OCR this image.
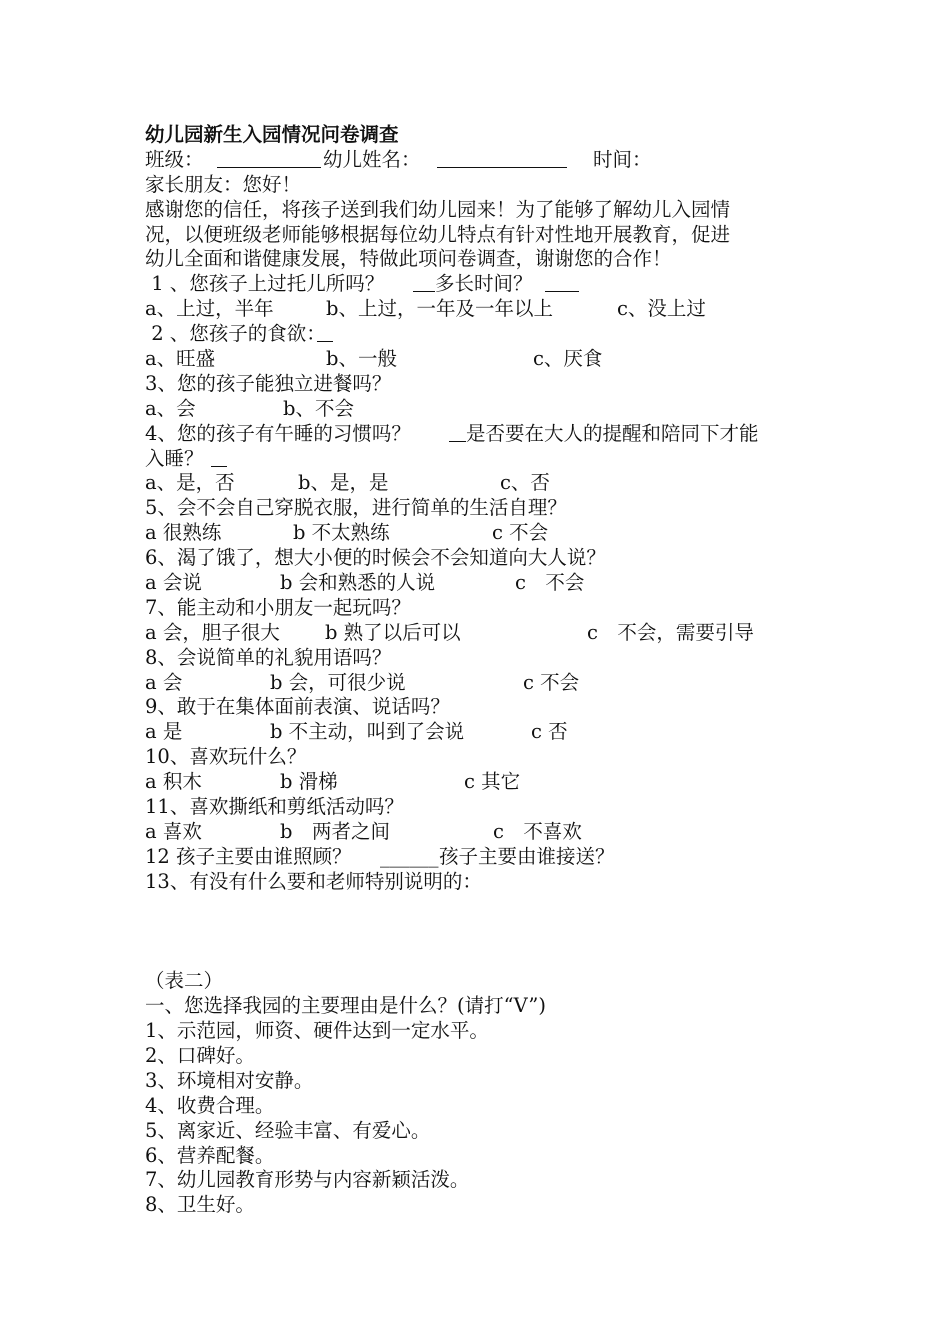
幼儿园新生入园情况问卷调查
班级：	幼儿姓名：	时间：
家长朋友：您好！
感谢您的信任，将孩子送到我们幼儿园来！为了能够了解幼儿入园情
况，以便班级老师能够根据每位幼儿特点有针对性地开展教育，促进
幼儿全面和谐健康发展，特做此项问卷调查，谢谢您的合作！
1 、您孩子上过托儿所吗？	多长时间？
a、上过，半年	b、上过，一年及一年以上	c、没上过
2 、您孩子的食欲：
a、旺盛	b、一般	c、厌食
3、您的孩子能独立进餐吗？
a、会	b、不会
4、您的孩子有午睡的习惯吗？	是否要在大人的提醒和陪同下才能
入睡？
a、是，否	b、是，是	c、否
5、会不会自己穿脱衣服，进行简单的生活自理？
a 很熟练	b 不太熟练	c 不会
6、渴了饿了，想大小便的时候会不会知道向大人说？
a 会说	b 会和熟悉的人说	c　不会
7、能主动和小朋友一起玩吗？
a 会，胆子很大 b 熟了以后可以	c　不会，需要引导
8、会说简单的礼貌用语吗？
a 会	b 会，可很少说	c 不会
9、敢于在集体面前表演、说话吗？
a 是	b 不主动，叫到了会说	c 否
10、喜欢玩什么？
a 积木	b 滑梯	c 其它
11、喜欢撕纸和剪纸活动吗？
a 喜欢	b　两者之间	c　不喜欢
12 孩子主要由谁照顾？ ______ 孩子主要由谁接送？
13、有没有什么要和老师特别说明的：
（表二）
一、您选择我园的主要理由是什么？(请打“V”)
1、示范园，师资、硬件达到一定水平。
2、口碑好。
3、环境相对安静。
4、收费合理。
5、离家近、经验丰富、有爱心。
6、营养配餐。
7、幼儿园教育形势与内容新颖活泼。
8、卫生好。
